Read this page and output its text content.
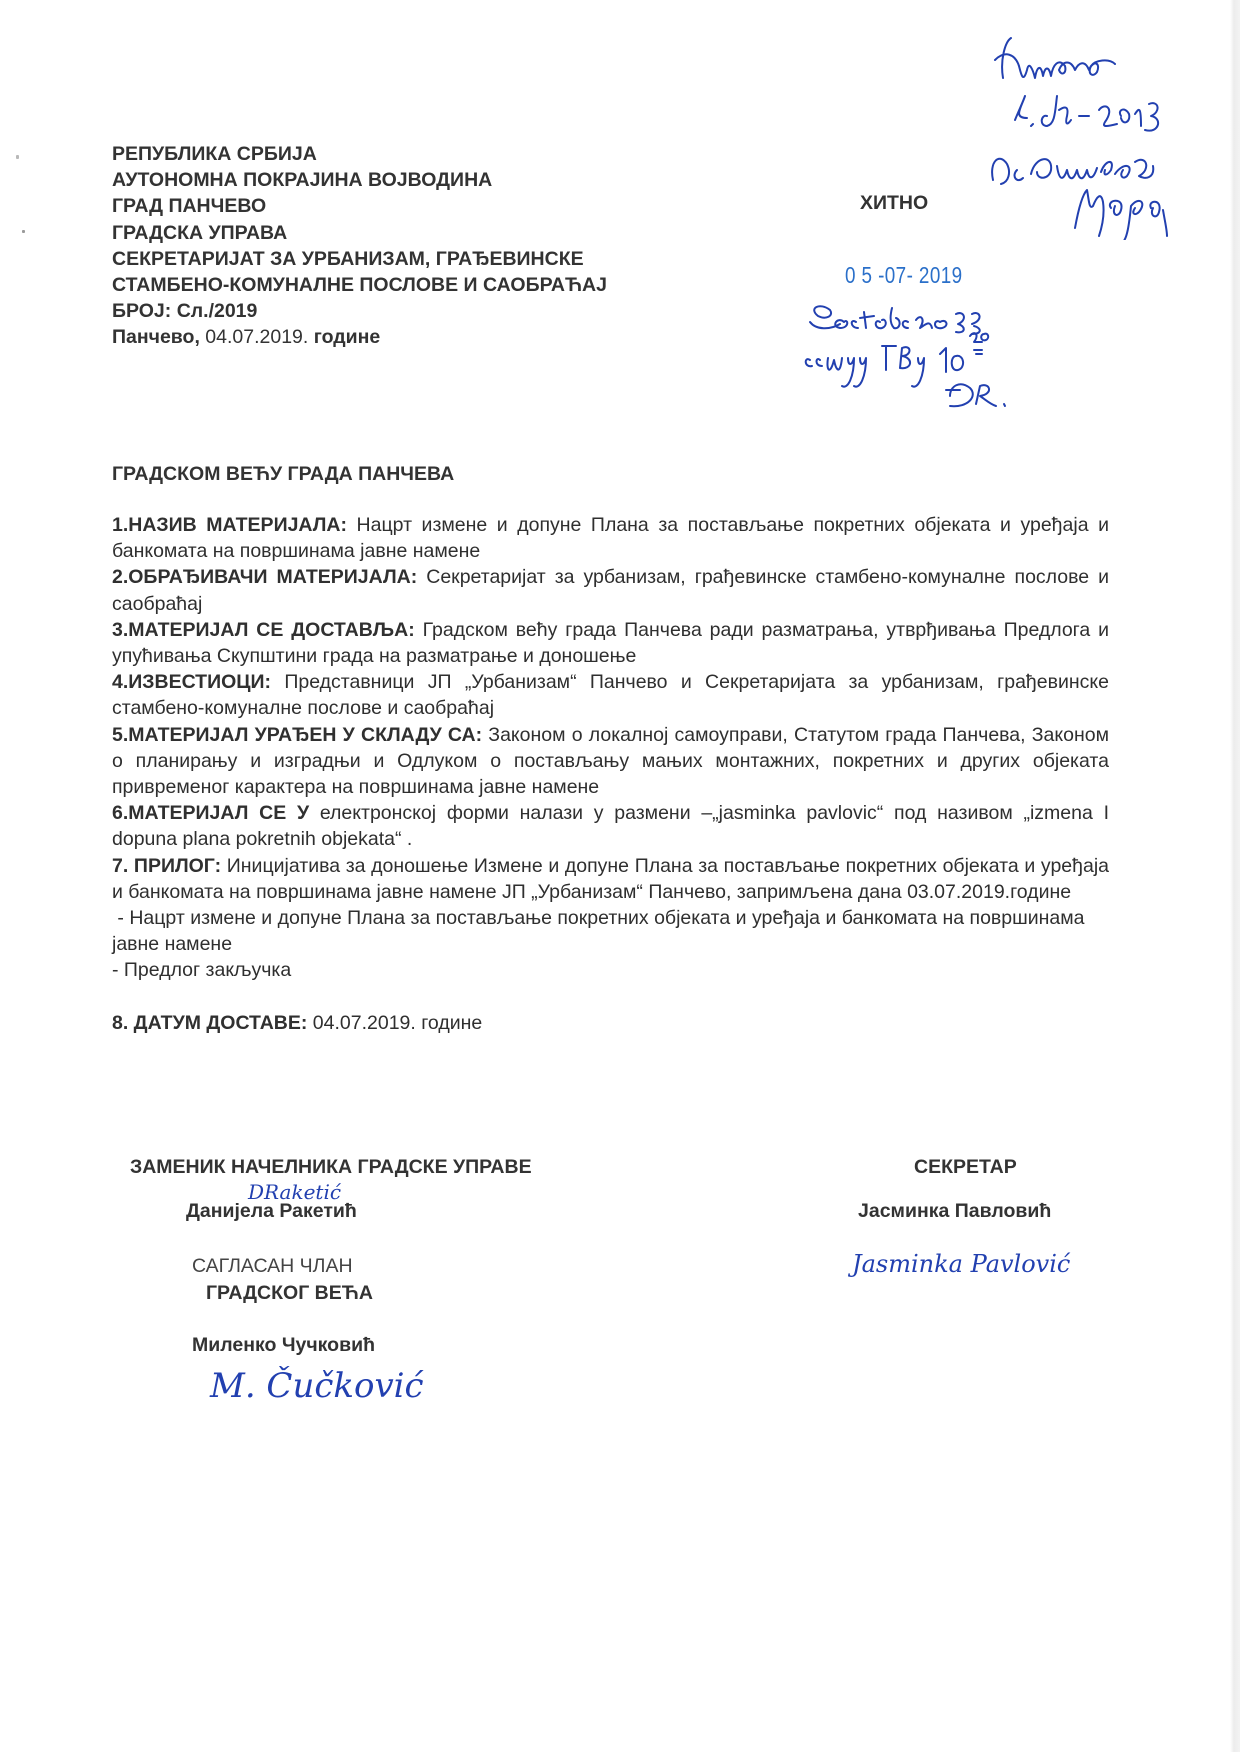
РЕПУБЛИКА СРБИЈА
АУТОНОМНА ПОКРАЈИНА ВОЈВОДИНА
ГРАД ПАНЧЕВО
ГРАДСКА УПРАВА
СЕКРЕТАРИЈАТ ЗА УРБАНИЗАМ, ГРАЂЕВИНСКЕ
СТАМБЕНО-КОМУНАЛНЕ ПОСЛОВЕ И САОБРАЋАЈ
БРОЈ: Сл./2019
Панчево, 04.07.2019. године
ХИТНО
0 5 -07- 2019
ГРАДСКОМ ВЕЋУ ГРАДА ПАНЧЕВА
1.НАЗИВ МАТЕРИЈАЛА: Нацрт измене и допуне Плана за постављање покретних објеката и уређаја и банкомата на површинама јавне намене
2.ОБРАЂИВАЧИ МАТЕРИЈАЛА: Секретаријат за урбанизам, грађевинске стамбено-комуналне послове и саобраћај
3.МАТЕРИЈАЛ СЕ ДОСТАВЉА: Градском већу града Панчева ради разматрања, утврђивања Предлога и упућивања Скупштини града на разматрање и доношење
4.ИЗВЕСТИОЦИ: Представници ЈП „Урбанизам“ Панчево и Секретаријата за урбанизам, грађевинске стамбено-комуналне послове и саобраћај
5.МАТЕРИЈАЛ УРАЂЕН У СКЛАДУ СА: Законом о локалној самоуправи, Статутом града Панчева, Законом о планирању и изградњи и Одлуком о постављању мањих монтажних, покретних и других објеката привременог карактера на површинама јавне намене
6.МАТЕРИЈАЛ СЕ У електронској форми налази у размени –„jasminka pavlovic“ под називом „izmena I dopuna plana pokretnih objekata“ .
7. ПРИЛОГ: Иницијатива за доношење Измене и допуне Плана за постављање покретних објеката и уређаја и банкомата на површинама јавне намене ЈП „Урбанизам“ Панчево, запримљена дана 03.07.2019.године
- Нацрт измене и допуне Плана за постављање покретних објеката и уређаја и банкомата на површинама јавне намене
- Предлог закључка
8. ДАТУМ ДОСТАВЕ: 04.07.2019. године
ЗАМЕНИК НАЧЕЛНИКА ГРАДСКЕ УПРАВЕ
DRaketić
Данијела Ракетић
САГЛАСАН ЧЛАН
ГРАДСКОГ ВЕЋА
Миленко Чучковић
M. Čučković
СЕКРЕТАР
Јасминка Павловић
Jasminka Pavlović
